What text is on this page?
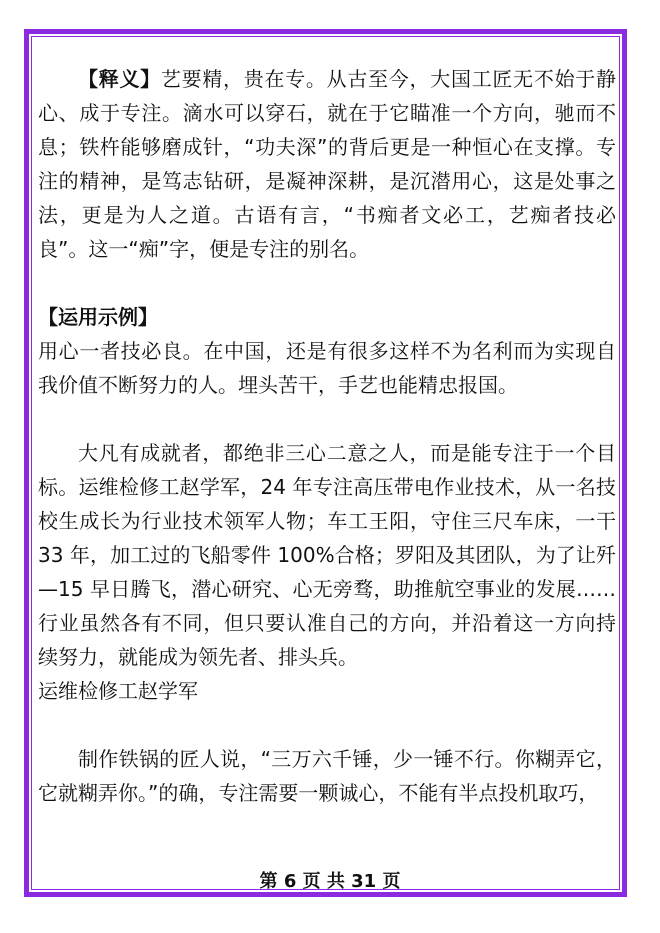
【释义】艺要精，贵在专。从古至今，大国工匠无不始于静心、成于专注。滴水可以穿石，就在于它瞄准一个方向，驰而不息；铁杵能够磨成针，“功夫深”的背后更是一种恒心在支撑。专注的精神，是笃志钻研，是凝神深耕，是沉潜用心，这是处事之法，更是为人之道。古语有言，“书痴者文必工，艺痴者技必良”。这一“痴”字，便是专注的别名。

【运用示例】

用心一者技必良。在中国，还是有很多这样不为名利而为实现自我价值不断努力的人。埋头苦干，手艺也能精忠报国。

大凡有成就者，都绝非三心二意之人，而是能专注于一个目标。运维检修工赵学军，24 年专注高压带电作业技术，从一名技校生成长为行业技术领军人物；车工王阳，守住三尺车床，一干 33 年，加工过的飞船零件 100%合格；罗阳及其团队，为了让歼—15 早日腾飞，潜心研究、心无旁骛，助推航空事业的发展……行业虽然各有不同，但只要认准自己的方向，并沿着这一方向持续努力，就能成为领先者、排头兵。

运维检修工赵学军

制作铁锅的匠人说，“三万六千锤，少一锤不行。你糊弄它，它就糊弄你。”的确，专注需要一颗诚心，不能有半点投机取巧，

第 6 页 共 31 页
